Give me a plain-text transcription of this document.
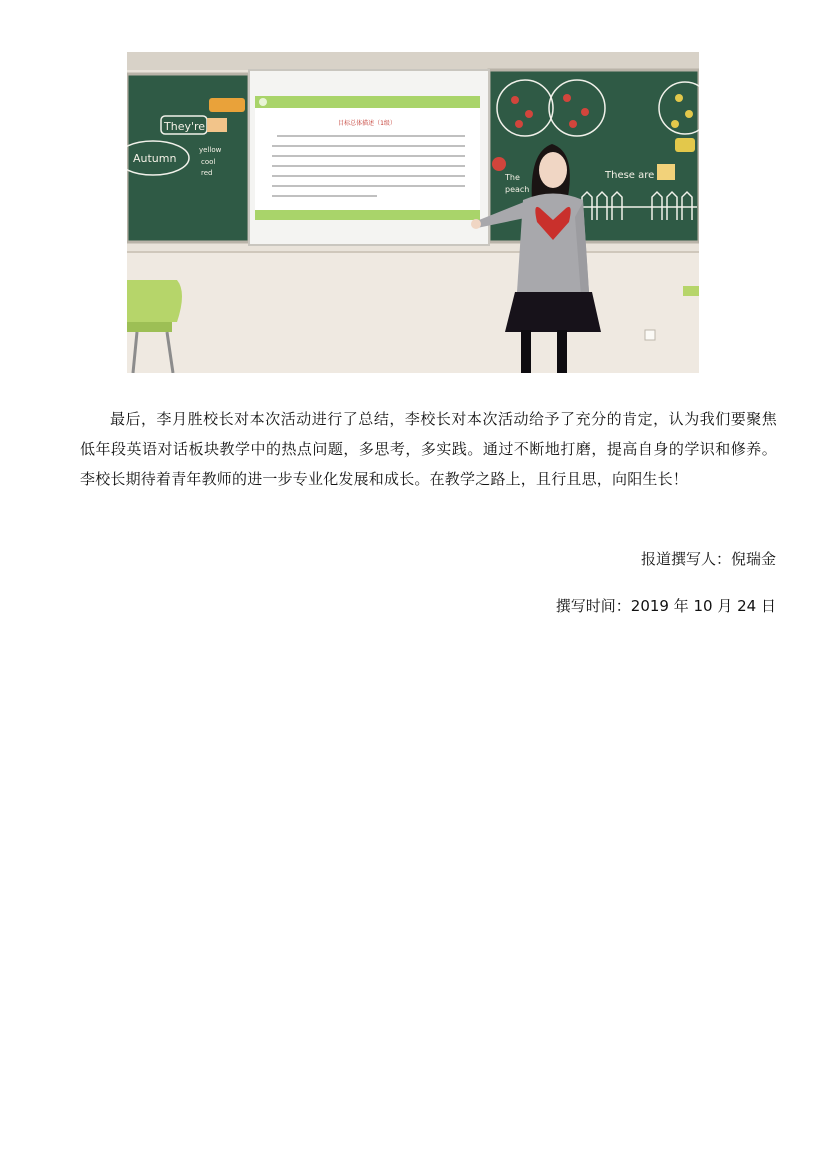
目标总体描述（1级）
They're
Autumn
yellow
cool
red	These are
The
peach
最后，李月胜校长对本次活动进行了总结，李校长对本次活动给予了充分的肯定，认为我们要聚焦低年段英语对话板块教学中的热点问题，多思考，多实践。通过不断地打磨，提高自身的学识和修养。李校长期待着青年教师的进一步专业化发展和成长。在教学之路上，且行且思，向阳生长！
报道撰写人：倪瑞金
撰写时间：2019 年 10 月 24 日
